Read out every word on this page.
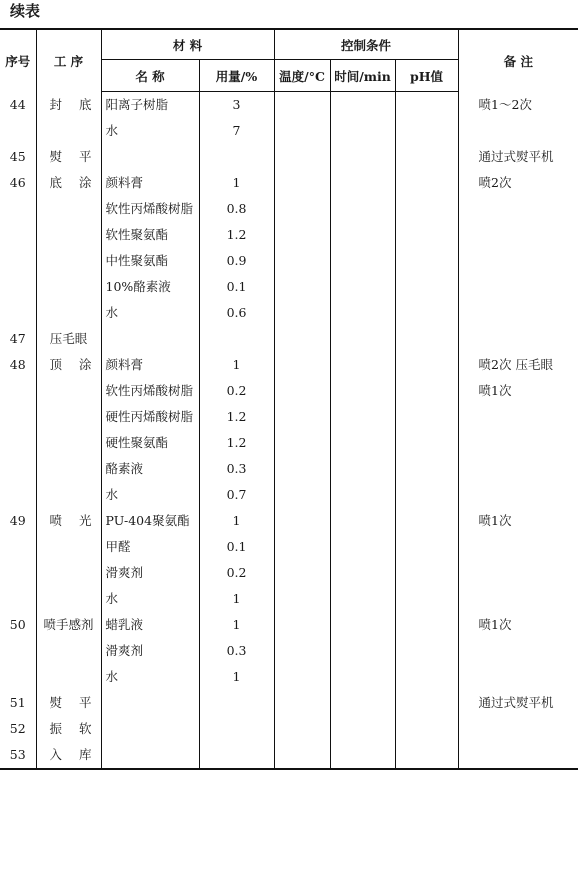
续表
序号	工 序	材 料		控制条件			备 注
		名 称	用量/%	温度/°C	时间/min	pH值	
44	封 底	阳离子树脂	3				喷1～2次
		水	7				
45	熨 平						通过式熨平机
46	底 涂	颜料膏	1				喷2次
		软性丙烯酸树脂	0.8				
		软性聚氨酯	1.2				
		中性聚氨酯	0.9				
		10%酪素液	0.1				
		水	0.6				
47	压毛眼						
48	顶 涂	颜料膏	1				喷2次 压毛眼
		软性丙烯酸树脂	0.2				喷1次
		硬性丙烯酸树脂	1.2				
		硬性聚氨酯	1.2				
		酪素液	0.3				
		水	0.7				
49	喷 光	PU-404聚氨酯	1				喷1次
		甲醛	0.1				
		滑爽剂	0.2				
		水	1				
50	喷手感剂	蜡乳液	1				喷1次
		滑爽剂	0.3				
		水	1				
51	熨 平						通过式熨平机
52	振 软						

53	入 库						
